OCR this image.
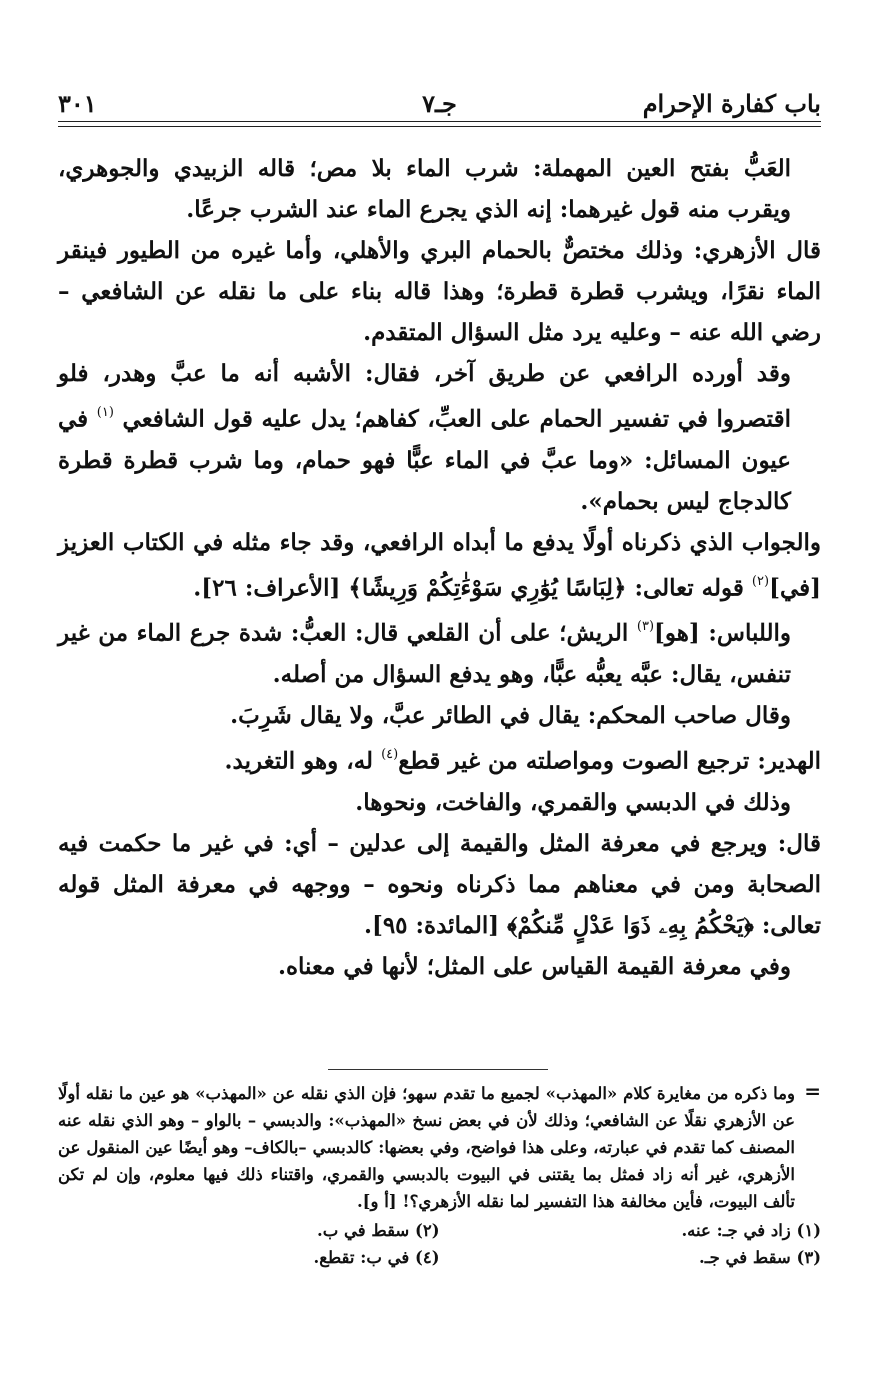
باب كفارة الإحرام
جـ٧
٣٠١

العَبُّ بفتح العين المهملة: شرب الماء بلا مص؛ قاله الزبيدي والجوهري، ويقرب منه قول غيرهما: إنه الذي يجرع الماء عند الشرب جرعًا.

قال الأزهري: وذلك مختصٌّ بالحمام البري والأهلي، وأما غيره من الطيور فينقر الماء نقرًا، ويشرب قطرة قطرة؛ وهذا قاله بناء على ما نقله عن الشافعي – رضي الله عنه – وعليه يرد مثل السؤال المتقدم.

وقد أورده الرافعي عن طريق آخر، فقال: الأشبه أنه ما عبَّ وهدر، فلو اقتصروا في تفسير الحمام على العبِّ، كفاهم؛ يدل عليه قول الشافعي $^{(١)}$ في عيون المسائل: «وما عبَّ في الماء عبًّا فهو حمام، وما شرب قطرة قطرة كالدجاج ليس بحمام».

والجواب الذي ذكرناه أولًا يدفع ما أبداه الرافعي، وقد جاء مثله في الكتاب العزيز [في]$^{(٢)}$ قوله تعالى: ﴿لِبَاسًا يُوَٰرِي سَوْءَٰتِكُمْ وَرِيشًا﴾ [الأعراف: ٢٦].

واللباس: [هو]$^{(٣)}$ الريش؛ على أن القلعي قال: العبُّ: شدة جرع الماء من غير تنفس، يقال: عبَّه يعبُّه عبًّا، وهو يدفع السؤال من أصله.

وقال صاحب المحكم: يقال في الطائر عبَّ، ولا يقال شَرِبَ.

الهدير: ترجيع الصوت ومواصلته من غير قطع$^{(٤)}$ له، وهو التغريد.

وذلك في الدبسي والقمري، والفاخت، ونحوها.

قال: ويرجع في معرفة المثل والقيمة إلى عدلين – أي: في غير ما حكمت فيه الصحابة ومن في معناهم مما ذكرناه ونحوه – ووجهه في معرفة المثل قوله تعالى: ﴿يَحْكُمُ بِهِۦ ذَوَا عَدْلٍ مِّنكُمْ﴾ [المائدة: ٩٥].

وفي معرفة القيمة القياس على المثل؛ لأنها في معناه.

=
وما ذكره من مغايرة كلام «المهذب» لجميع ما تقدم سهو؛ فإن الذي نقله عن «المهذب» هو عين ما نقله أولًا عن الأزهري نقلًا عن الشافعي؛ وذلك لأن في بعض نسخ «المهذب»: والدبسي – بالواو – وهو الذي نقله عنه المصنف كما تقدم في عبارته، وعلى هذا فواضح، وفي بعضها: كالدبسي –بالكاف– وهو أيضًا عين المنقول عن الأزهري، غير أنه زاد فمثل بما يقتنى في البيوت بالدبسي والقمري، واقتناء ذلك فيها معلوم، وإن لم تكن تألف البيوت، فأين مخالفة هذا التفسير لما نقله الأزهري؟! [أ و].
(١) زاد في جـ: عنه.
(٢) سقط في ب.
(٣) سقط في جـ.
(٤) في ب: تقطع.
